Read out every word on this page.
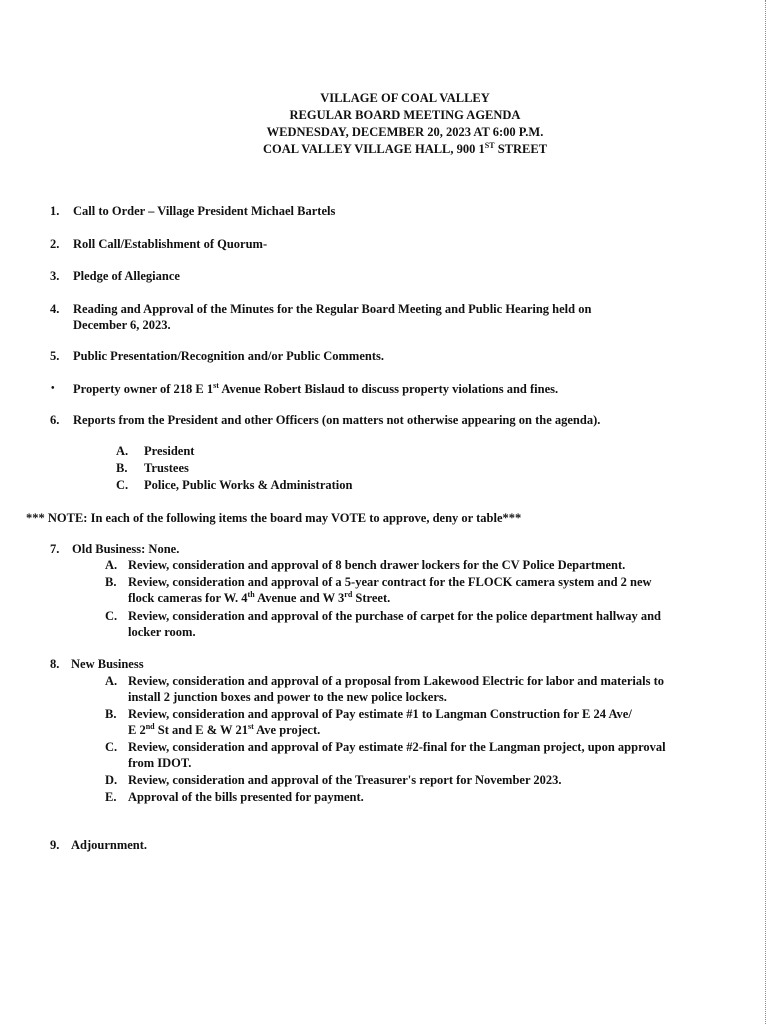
VILLAGE OF COAL VALLEY
REGULAR BOARD MEETING AGENDA
WEDNESDAY, DECEMBER 20, 2023 AT 6:00 P.M.
COAL VALLEY VILLAGE HALL, 900 1ST STREET
1. Call to Order – Village President Michael Bartels
2. Roll Call/Establishment of Quorum-
3. Pledge of Allegiance
4. Reading and Approval of the Minutes for the Regular Board Meeting and Public Hearing held on
December 6, 2023.
5. Public Presentation/Recognition and/or Public Comments.
• Property owner of 218 E 1st Avenue Robert Bislaud to discuss property violations and fines.
6. Reports from the President and other Officers (on matters not otherwise appearing on the agenda).
A. President
B. Trustees
C. Police, Public Works & Administration
*** NOTE: In each of the following items the board may VOTE to approve, deny or table***
7. Old Business: None.
A. Review, consideration and approval of 8 bench drawer lockers for the CV Police Department.
B. Review, consideration and approval of a 5-year contract for the FLOCK camera system and 2 new
flock cameras for W. 4th Avenue and W 3rd Street.
C. Review, consideration and approval of the purchase of carpet for the police department hallway and
locker room.
8. New Business
A. Review, consideration and approval of a proposal from Lakewood Electric for labor and materials to
install 2 junction boxes and power to the new police lockers.
B. Review, consideration and approval of Pay estimate #1 to Langman Construction for E 24 Ave/
E 2nd St and E & W 21st Ave project.
C. Review, consideration and approval of Pay estimate #2-final for the Langman project, upon approval
from IDOT.
D. Review, consideration and approval of the Treasurer's report for November 2023.
E. Approval of the bills presented for payment.
9. Adjournment.
